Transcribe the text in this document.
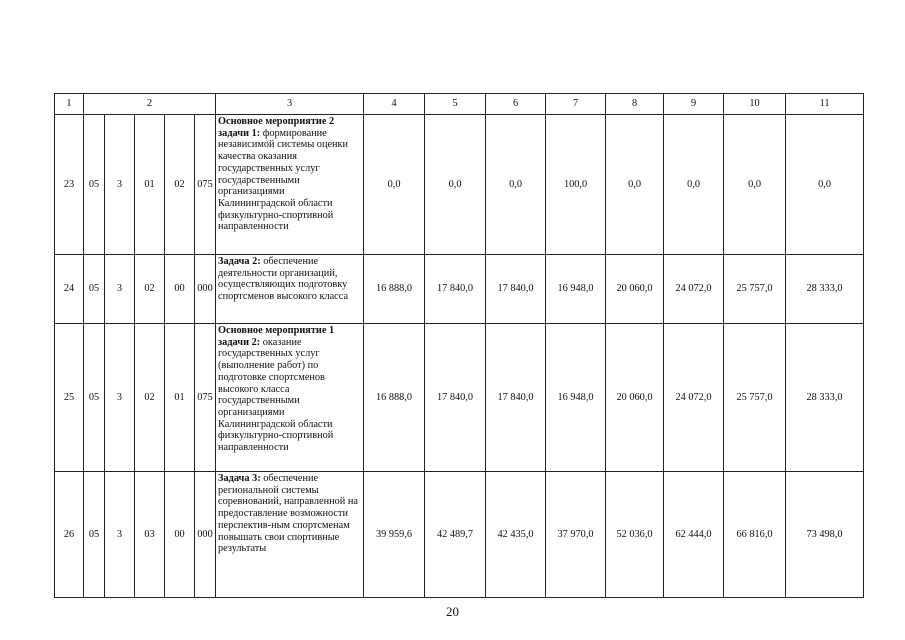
1	2					3	4	5	6	7	8	9	10	11
23	05	3	01	02	075	Основное мероприятие 2 задачи 1: формирование независимой системы оценки качества оказания государственных услуг государственными организациями Калининградской области физкультурно-спортивной направленности	0,0	0,0	0,0	100,0	0,0	0,0	0,0	0,0
24	05	3	02	00	000	Задача 2: обеспечение деятельности организаций, осуществляющих подготовку спортсменов высокого класса	16 888,0	17 840,0	17 840,0	16 948,0	20 060,0	24 072,0	25 757,0	28 333,0
25	05	3	02	01	075	Основное мероприятие 1 задачи 2: оказание государственных услуг (выполнение работ) по подготовке спортсменов высокого класса государственными организациями Калининградской области физкультурно-спортивной направленности	16 888,0	17 840,0	17 840,0	16 948,0	20 060,0	24 072,0	25 757,0	28 333,0
26	05	3	03	00	000	Задача 3: обеспечение региональной системы соревнований, направленной на предоставление возможности перспектив-ным спортсменам повышать свои спортивные результаты	39 959,6	42 489,7	42 435,0	37 970,0	52 036,0	62 444,0	66 816,0	73 498,0
20
